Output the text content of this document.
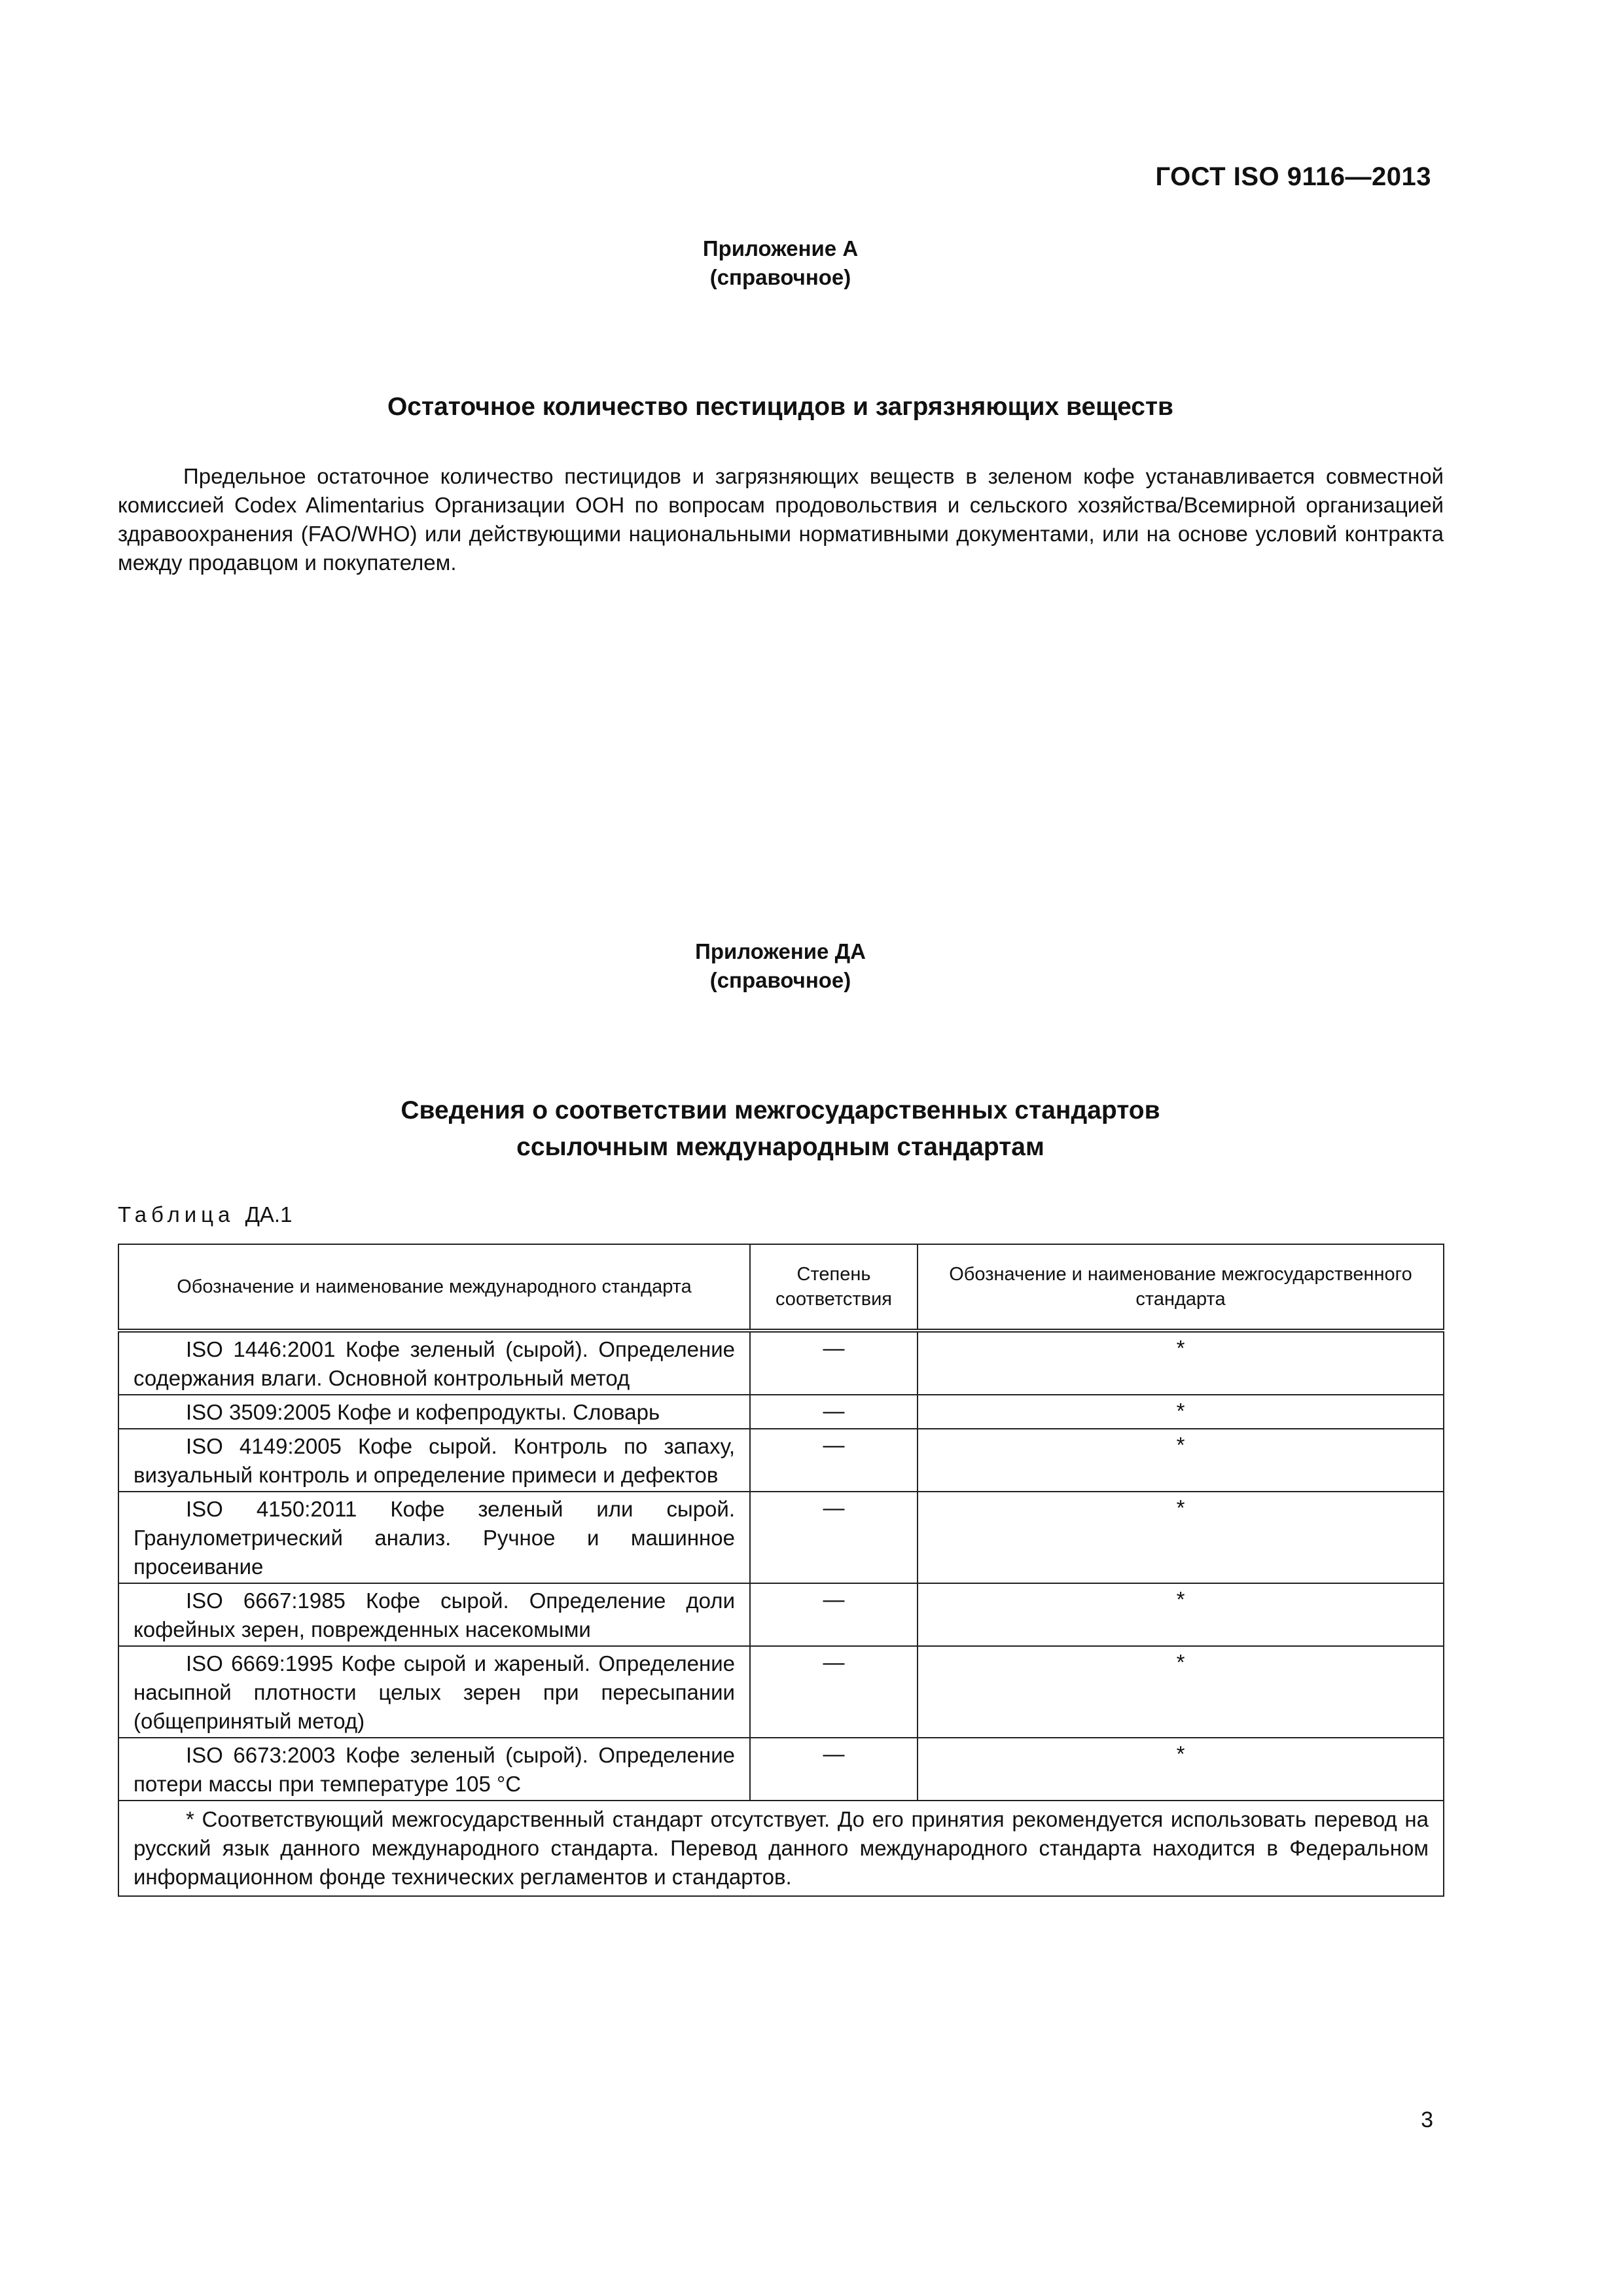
ГОСТ ISO 9116—2013
Приложение А
(справочное)
Остаточное количество пестицидов и загрязняющих веществ
Предельное остаточное количество пестицидов и загрязняющих веществ в зеленом кофе устанавливается совместной комиссией Codex Alimentarius Организации ООН по вопросам продовольствия и сельского хозяйства/Всемирной организацией здравоохранения (FAO/WHO) или действующими национальными нормативными документами, или на основе условий контракта между продавцом и покупателем.
Приложение ДА
(справочное)
Сведения о соответствии межгосударственных стандартов
ссылочным международным стандартам
Таблица ДА.1
Обозначение и наименование международного стандарта	Степень соответствия	Обозначение и наименование межгосударственного стандарта
ISO 1446:2001 Кофе зеленый (сырой). Определение содержания влаги. Основной контрольный метод	—	*
ISO 3509:2005 Кофе и кофепродукты. Словарь	—	*
ISO 4149:2005 Кофе сырой. Контроль по запаху, визуальный контроль и определение примеси и дефектов	—	*
ISO 4150:2011 Кофе зеленый или сырой. Гранулометрический анализ. Ручное и машинное просеивание	—	*
ISO 6667:1985 Кофе сырой. Определение доли кофейных зерен, поврежденных насекомыми	—	*
ISO 6669:1995 Кофе сырой и жареный. Определение насыпной плотности целых зерен при пересыпании (общепринятый метод)	—	*
ISO 6673:2003 Кофе зеленый (сырой). Определение потери массы при температуре 105 °С	—	*
* Соответствующий межгосударственный стандарт отсутствует. До его принятия рекомендуется использовать перевод на русский язык данного международного стандарта. Перевод данного международного стандарта находится в Федеральном информационном фонде технических регламентов и стандартов.		
3
